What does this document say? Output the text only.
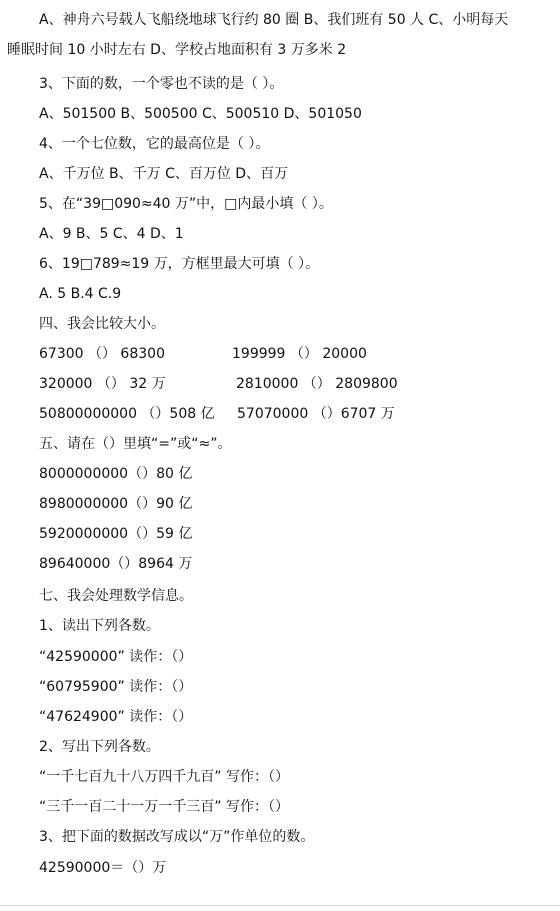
A、神舟六号载人飞船绕地球飞行约 80 圈 B、我们班有 50 人 C、小明每天
睡眠时间 10 小时左右 D、学校占地面积有 3 万多米 2
3、下面的数，一个零也不读的是（ ）。
A、501500 B、500500 C、500510 D、501050
4、一个七位数，它的最高位是（ ）。
A、千万位 B、千万 C、百万位 D、百万
5、在“39□090≈40 万”中，□内最小填（ ）。
A、9 B、5 C、4 D、1
6、19□789≈19 万，方框里最大可填（ ）。
A. 5 B.4 C.9
四、我会比较大小。
67300 （） 68300	199999 （） 20000
320000 （） 32 万	2810000 （） 2809800
50800000000 （）508 亿 57070000 （）6707 万
五、请在（）里填“=”或“≈”。
8000000000（）80 亿
8980000000（）90 亿
5920000000（）59 亿
89640000（）8964 万
七、我会处理数学信息。
1、读出下列各数。
“42590000” 读作：（）
“60795900” 读作：（）
“47624900” 读作：（）
2、写出下列各数。
“一千七百九十八万四千九百” 写作：（）
“三千一百二十一万一千三百” 写作：（）
3、把下面的数据改写成以“万”作单位的数。
42590000＝（）万
